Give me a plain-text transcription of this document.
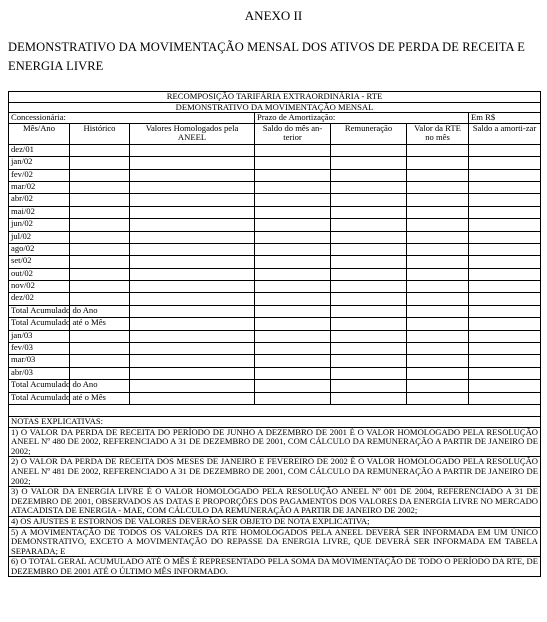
ANEXO II
DEMONSTRATIVO DA MOVIMENTAÇÃO MENSAL DOS ATIVOS DE PERDA DE RECEITA E ENERGIA LIVRE
RECOMPOSIÇÃO TARIFÁRIA EXTRAORDINÁRIA - RTE						
DEMONSTRATIVO DA MOVIMENTAÇÃO MENSAL						
Concessionária:			Prazo de Amortização:			Em R$
Mês/Ano	Histórico	Valores Homologados pela ANEEL	Saldo do mês an-terior	Remuneração	Valor da RTE no mês	Saldo a amorti-zar
dez/01						
jan/02						
fev/02						
mar/02						
abr/02						
mai/02						
jun/02						
jul/02						
ago/02						
set/02						
out/02						
nov/02						
dez/02						
Total Acumulado do Ano						
Total Acumulado até o Mês						
jan/03						
fev/03						
mar/03						
abr/03						
Total Acumulado do Ano						
Total Acumulado até o Mês						

NOTAS EXPLICATIVAS:						
1) O VALOR DA PERDA DE RECEITA DO PERÍODO DE JUNHO A DEZEMBRO DE 2001 É O VALOR HOMOLOGADO PELA RESOLUÇÃO ANEEL Nº 480 DE 2002, REFERENCIADO A 31 DE DEZEMBRO DE 2001, COM CÁLCULO DA REMUNERAÇÃO A PARTIR DE JANEIRO DE 2002;						
2) O VALOR DA PERDA DE RECEITA DOS MESES DE JANEIRO E FEVEREIRO DE 2002 É O VALOR HOMOLOGADO PELA RESOLUÇÃO ANEEL Nº 481 DE 2002, REFERENCIADO A 31 DE DEZEMBRO DE 2001, COM CÁLCULO DA REMUNERAÇÃO A PARTIR DE JANEIRO DE 2002;						
3) O VALOR DA ENERGIA LIVRE É O VALOR HOMOLOGADO PELA RESOLUÇÃO ANEEL Nº 001 DE 2004, REFERENCIADO A 31 DE DEZEMBRO DE 2001, OBSERVADOS AS DATAS E PROPORÇÕES DOS PAGAMENTOS DOS VALORES DA ENERGIA LIVRE NO MERCADO ATACADISTA DE ENERGIA - MAE, COM CÁLCULO DA REMUNERAÇÃO A PARTIR DE JANEIRO DE 2002;						
4) OS AJUSTES E ESTORNOS DE VALORES DEVERÃO SER OBJETO DE NOTA EXPLICATIVA;						
5) A MOVIMENTAÇÃO DE TODOS OS VALORES DA RTE HOMOLOGADOS PELA ANEEL DEVERÁ SER INFORMADA EM UM ÚNICO DEMONSTRATIVO, EXCETO A MOVIMENTAÇÃO DO REPASSE DA ENERGIA LIVRE, QUE DEVERÁ SER INFORMADA EM TABELA SEPARADA; E						
6) O TOTAL GERAL ACUMULADO ATÉ O MÊS É REPRESENTADO PELA SOMA DA MOVIMENTAÇÃO DE TODO O PERÍODO DA RTE, DE DEZEMBRO DE 2001 ATÉ O ÚLTIMO MÊS INFORMADO.						
